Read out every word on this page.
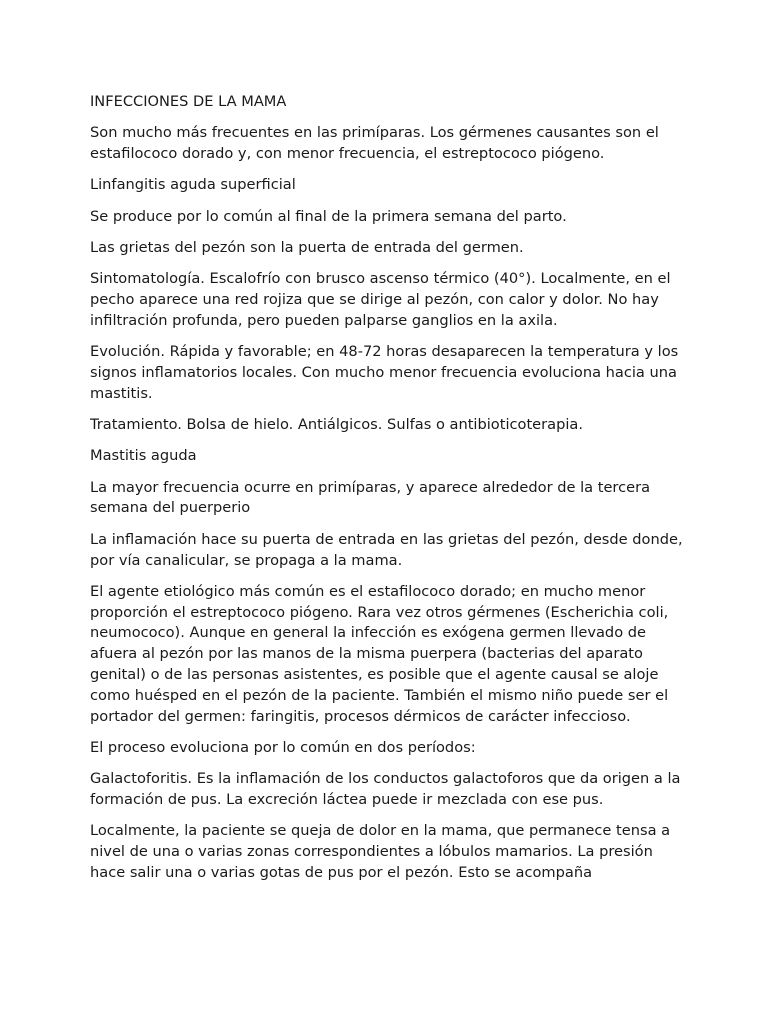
INFECCIONES DE LA MAMA

Son mucho más frecuentes en las primíparas. Los gérmenes causantes son el estafilococo dorado y, con menor frecuencia, el estreptococo piógeno.

Linfangitis aguda superficial

Se produce por lo común al final de la primera semana del parto.

Las grietas del pezón son la puerta de entrada del germen.

Sintomatología. Escalofrío con brusco ascenso térmico (40°). Localmente, en el pecho aparece una red rojiza que se dirige al pezón, con calor y dolor. No hay infiltración profunda, pero pueden palparse ganglios en la axila.

Evolución. Rápida y favorable; en 48-72 horas desaparecen la temperatura y los signos inflamatorios locales. Con mucho menor frecuencia evoluciona hacia una mastitis.

Tratamiento. Bolsa de hielo. Antiálgicos. Sulfas o antibioticoterapia.

Mastitis aguda

La mayor frecuencia ocurre en primíparas, y aparece alrededor de la tercera semana del puerperio

La inflamación hace su puerta de entrada en las grietas del pezón, desde donde, por vía canalicular, se propaga a la mama.

El agente etiológico más común es el estafilococo dorado; en mucho menor proporción el estreptococo piógeno. Rara vez otros gérmenes (Escherichia coli, neumococo). Aunque en general la infección es exógena germen llevado de afuera al pezón por las manos de la misma puerpera (bacterias del aparato genital) o de las personas asistentes, es posible que el agente causal se aloje como huésped en el pezón de la paciente. También el mismo niño puede ser el portador del germen: faringitis, procesos dérmicos de carácter infeccioso.

El proceso evoluciona por lo común en dos períodos:

Galactoforitis. Es la inflamación de los conductos galactoforos que da origen a la formación de pus. La excreción láctea puede ir mezclada con ese pus.

Localmente, la paciente se queja de dolor en la mama, que permanece tensa a nivel de una o varias zonas correspondientes a lóbulos mamarios. La presión hace salir una o varias gotas de pus por el pezón. Esto se acompaña
